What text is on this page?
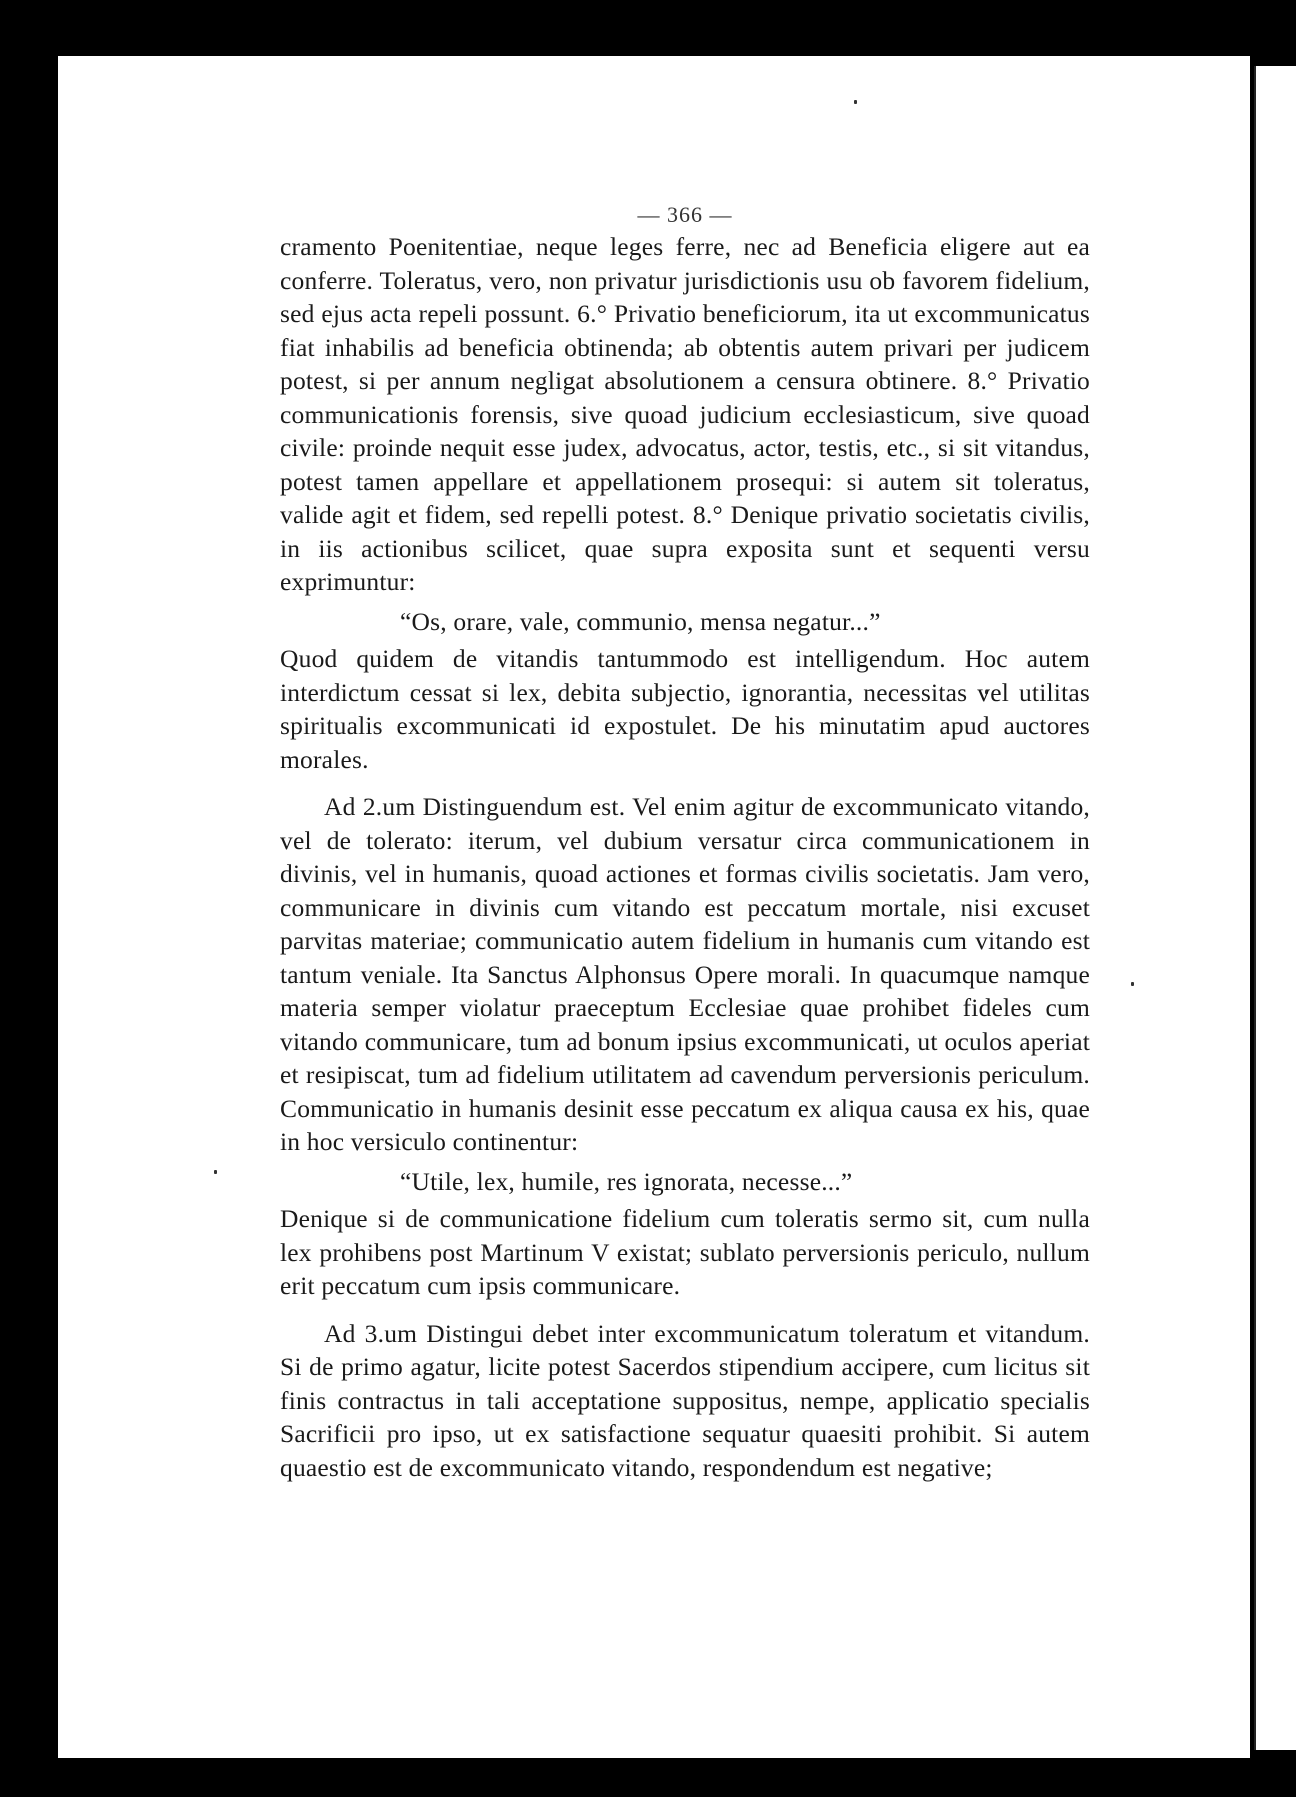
— 366 —

cramento Poenitentiae, neque leges ferre, nec ad Beneficia eligere aut ea conferre. Toleratus, vero, non privatur jurisdictionis usu ob favorem fidelium, sed ejus acta repeli possunt. 6.° Privatio beneficiorum, ita ut excommunicatus fiat inhabilis ad beneficia obtinenda; ab obtentis autem privari per judicem potest, si per annum negligat absolutionem a censura obtinere. 8.° Privatio communicationis forensis, sive quoad judicium ecclesiasticum, sive quoad civile: proinde nequit esse judex, advocatus, actor, testis, etc., si sit vitandus, potest tamen appellare et appellationem prosequi: si autem sit toleratus, valide agit et fidem, sed repelli potest. 8.° Denique privatio societatis civilis, in iis actionibus scilicet, quae supra exposita sunt et sequenti versu exprimuntur:

“Os, orare, vale, communio, mensa negatur...”

Quod quidem de vitandis tantummodo est intelligendum. Hoc autem interdictum cessat si lex, debita subjectio, ignorantia, necessitas vel utilitas spiritualis excommunicati id expostulet. De his minutatim apud auctores morales.

Ad 2.um Distinguendum est. Vel enim agitur de excommunicato vitando, vel de tolerato: iterum, vel dubium versatur circa communicationem in divinis, vel in humanis, quoad actiones et formas civilis societatis. Jam vero, communicare in divinis cum vitando est peccatum mortale, nisi excuset parvitas materiae; communicatio autem fidelium in humanis cum vitando est tantum veniale. Ita Sanctus Alphonsus Opere morali. In quacumque namque materia semper violatur praeceptum Ecclesiae quae prohibet fideles cum vitando communicare, tum ad bonum ipsius excommunicati, ut oculos aperiat et resipiscat, tum ad fidelium utilitatem ad cavendum perversionis periculum. Communicatio in humanis desinit esse peccatum ex aliqua causa ex his, quae in hoc versiculo continentur:

“Utile, lex, humile, res ignorata, necesse...”

Denique si de communicatione fidelium cum toleratis sermo sit, cum nulla lex prohibens post Martinum V existat; sublato perversionis periculo, nullum erit peccatum cum ipsis communicare.

Ad 3.um Distingui debet inter excommunicatum toleratum et vitandum. Si de primo agatur, licite potest Sacerdos stipendium accipere, cum licitus sit finis contractus in tali acceptatione suppositus, nempe, applicatio specialis Sacrificii pro ipso, ut ex satisfactione sequatur quaesiti prohibit. Si autem quaestio est de excommunicato vitando, respondendum est negative;
